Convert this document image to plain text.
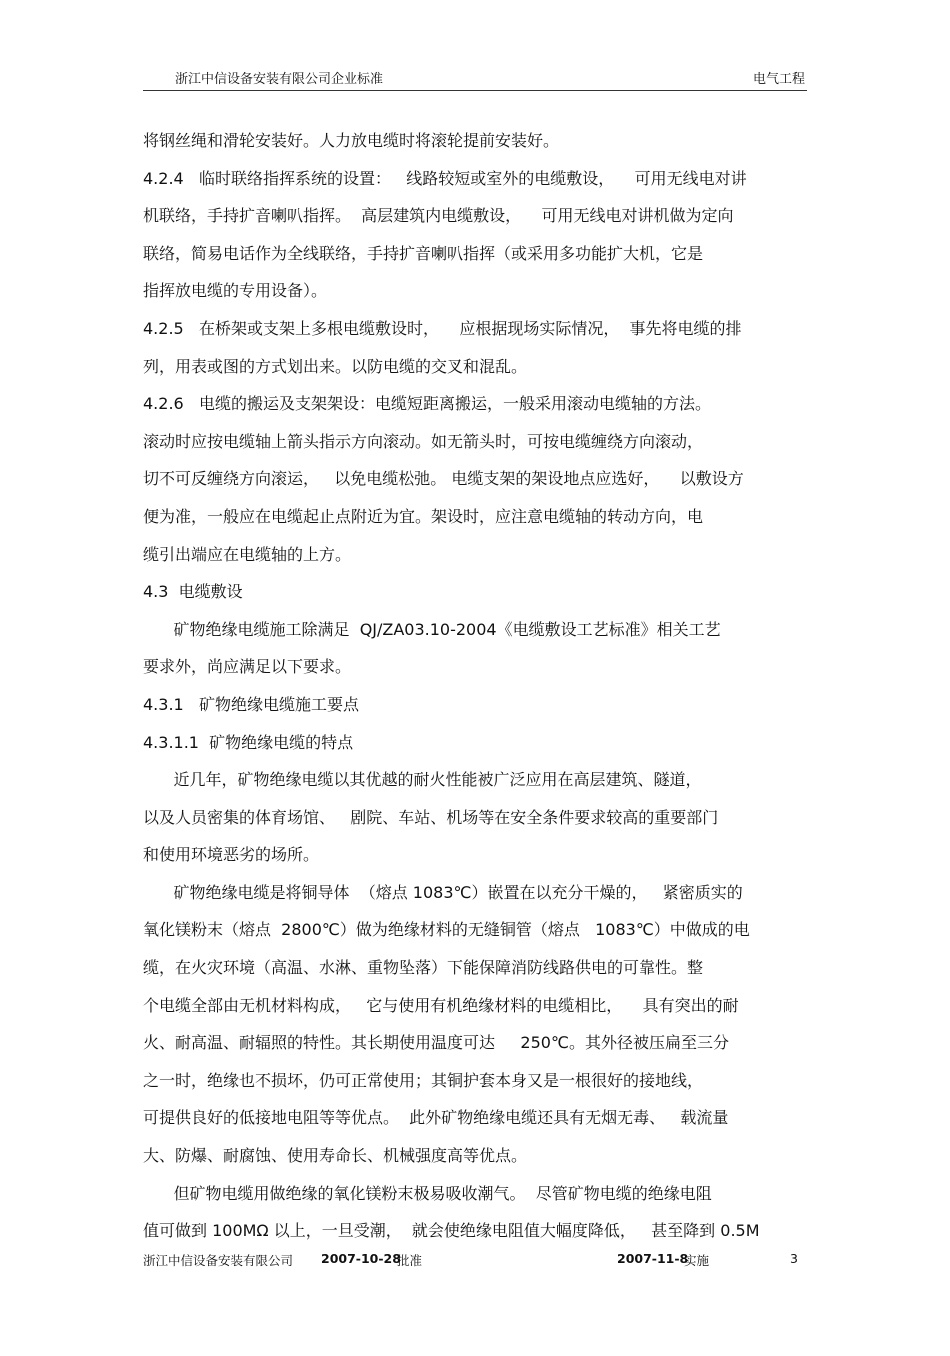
浙江中信设备安装有限公司企业标准	电气工程
将钢丝绳和滑轮安装好。人力放电缆时将滚轮提前安装好。
4.2.4   临时联络指挥系统的设置：   线路较短或室外的电缆敷设，    可用无线电对讲
机联络，手持扩音喇叭指挥。  高层建筑内电缆敷设，    可用无线电对讲机做为定向
联络，简易电话作为全线联络，手持扩音喇叭指挥（或采用多功能扩大机，它是
指挥放电缆的专用设备）。
4.2.5   在桥架或支架上多根电缆敷设时，    应根据现场实际情况，  事先将电缆的排
列，用表或图的方式划出来。以防电缆的交叉和混乱。
4.2.6   电缆的搬运及支架架设：电缆短距离搬运，一般采用滚动电缆轴的方法。
滚动时应按电缆轴上箭头指示方向滚动。如无箭头时，可按电缆缠绕方向滚动，
切不可反缠绕方向滚运，   以免电缆松弛。 电缆支架的架设地点应选好，    以敷设方
便为准，一般应在电缆起止点附近为宜。架设时，应注意电缆轴的转动方向，电
缆引出端应在电缆轴的上方。
4.3  电缆敷设
矿物绝缘电缆施工除满足  QJ/ZA03.10-2004《电缆敷设工艺标准》相关工艺
要求外，尚应满足以下要求。
4.3.1   矿物绝缘电缆施工要点
4.3.1.1  矿物绝缘电缆的特点
近几年，矿物绝缘电缆以其优越的耐火性能被广泛应用在高层建筑、隧道，
以及人员密集的体育场馆、   剧院、车站、机场等在安全条件要求较高的重要部门
和使用环境恶劣的场所。
矿物绝缘电缆是将铜导体  （熔点 1083℃）嵌置在以充分干燥的，   紧密质实的
氧化镁粉末（熔点  2800℃）做为绝缘材料的无缝铜管（熔点   1083℃）中做成的电
缆，在火灾环境（高温、水淋、重物坠落）下能保障消防线路供电的可靠性。整
个电缆全部由无机材料构成，   它与使用有机绝缘材料的电缆相比，    具有突出的耐
火、耐高温、耐辐照的特性。其长期使用温度可达     250℃。其外径被压扁至三分
之一时，绝缘也不损坏，仍可正常使用；其铜护套本身又是一根很好的接地线，
可提供良好的低接地电阻等等优点。  此外矿物绝缘电缆还具有无烟无毒、   载流量
大、防爆、耐腐蚀、使用寿命长、机械强度高等优点。
但矿物电缆用做绝缘的氧化镁粉末极易吸收潮气。  尽管矿物电缆的绝缘电阻
值可做到 100MΩ 以上，一旦受潮，  就会使绝缘电阻值大幅度降低，   甚至降到 0.5M

浙江中信设备安装有限公司

2007-10-28

批准

	2007-11-8

实施

	3
